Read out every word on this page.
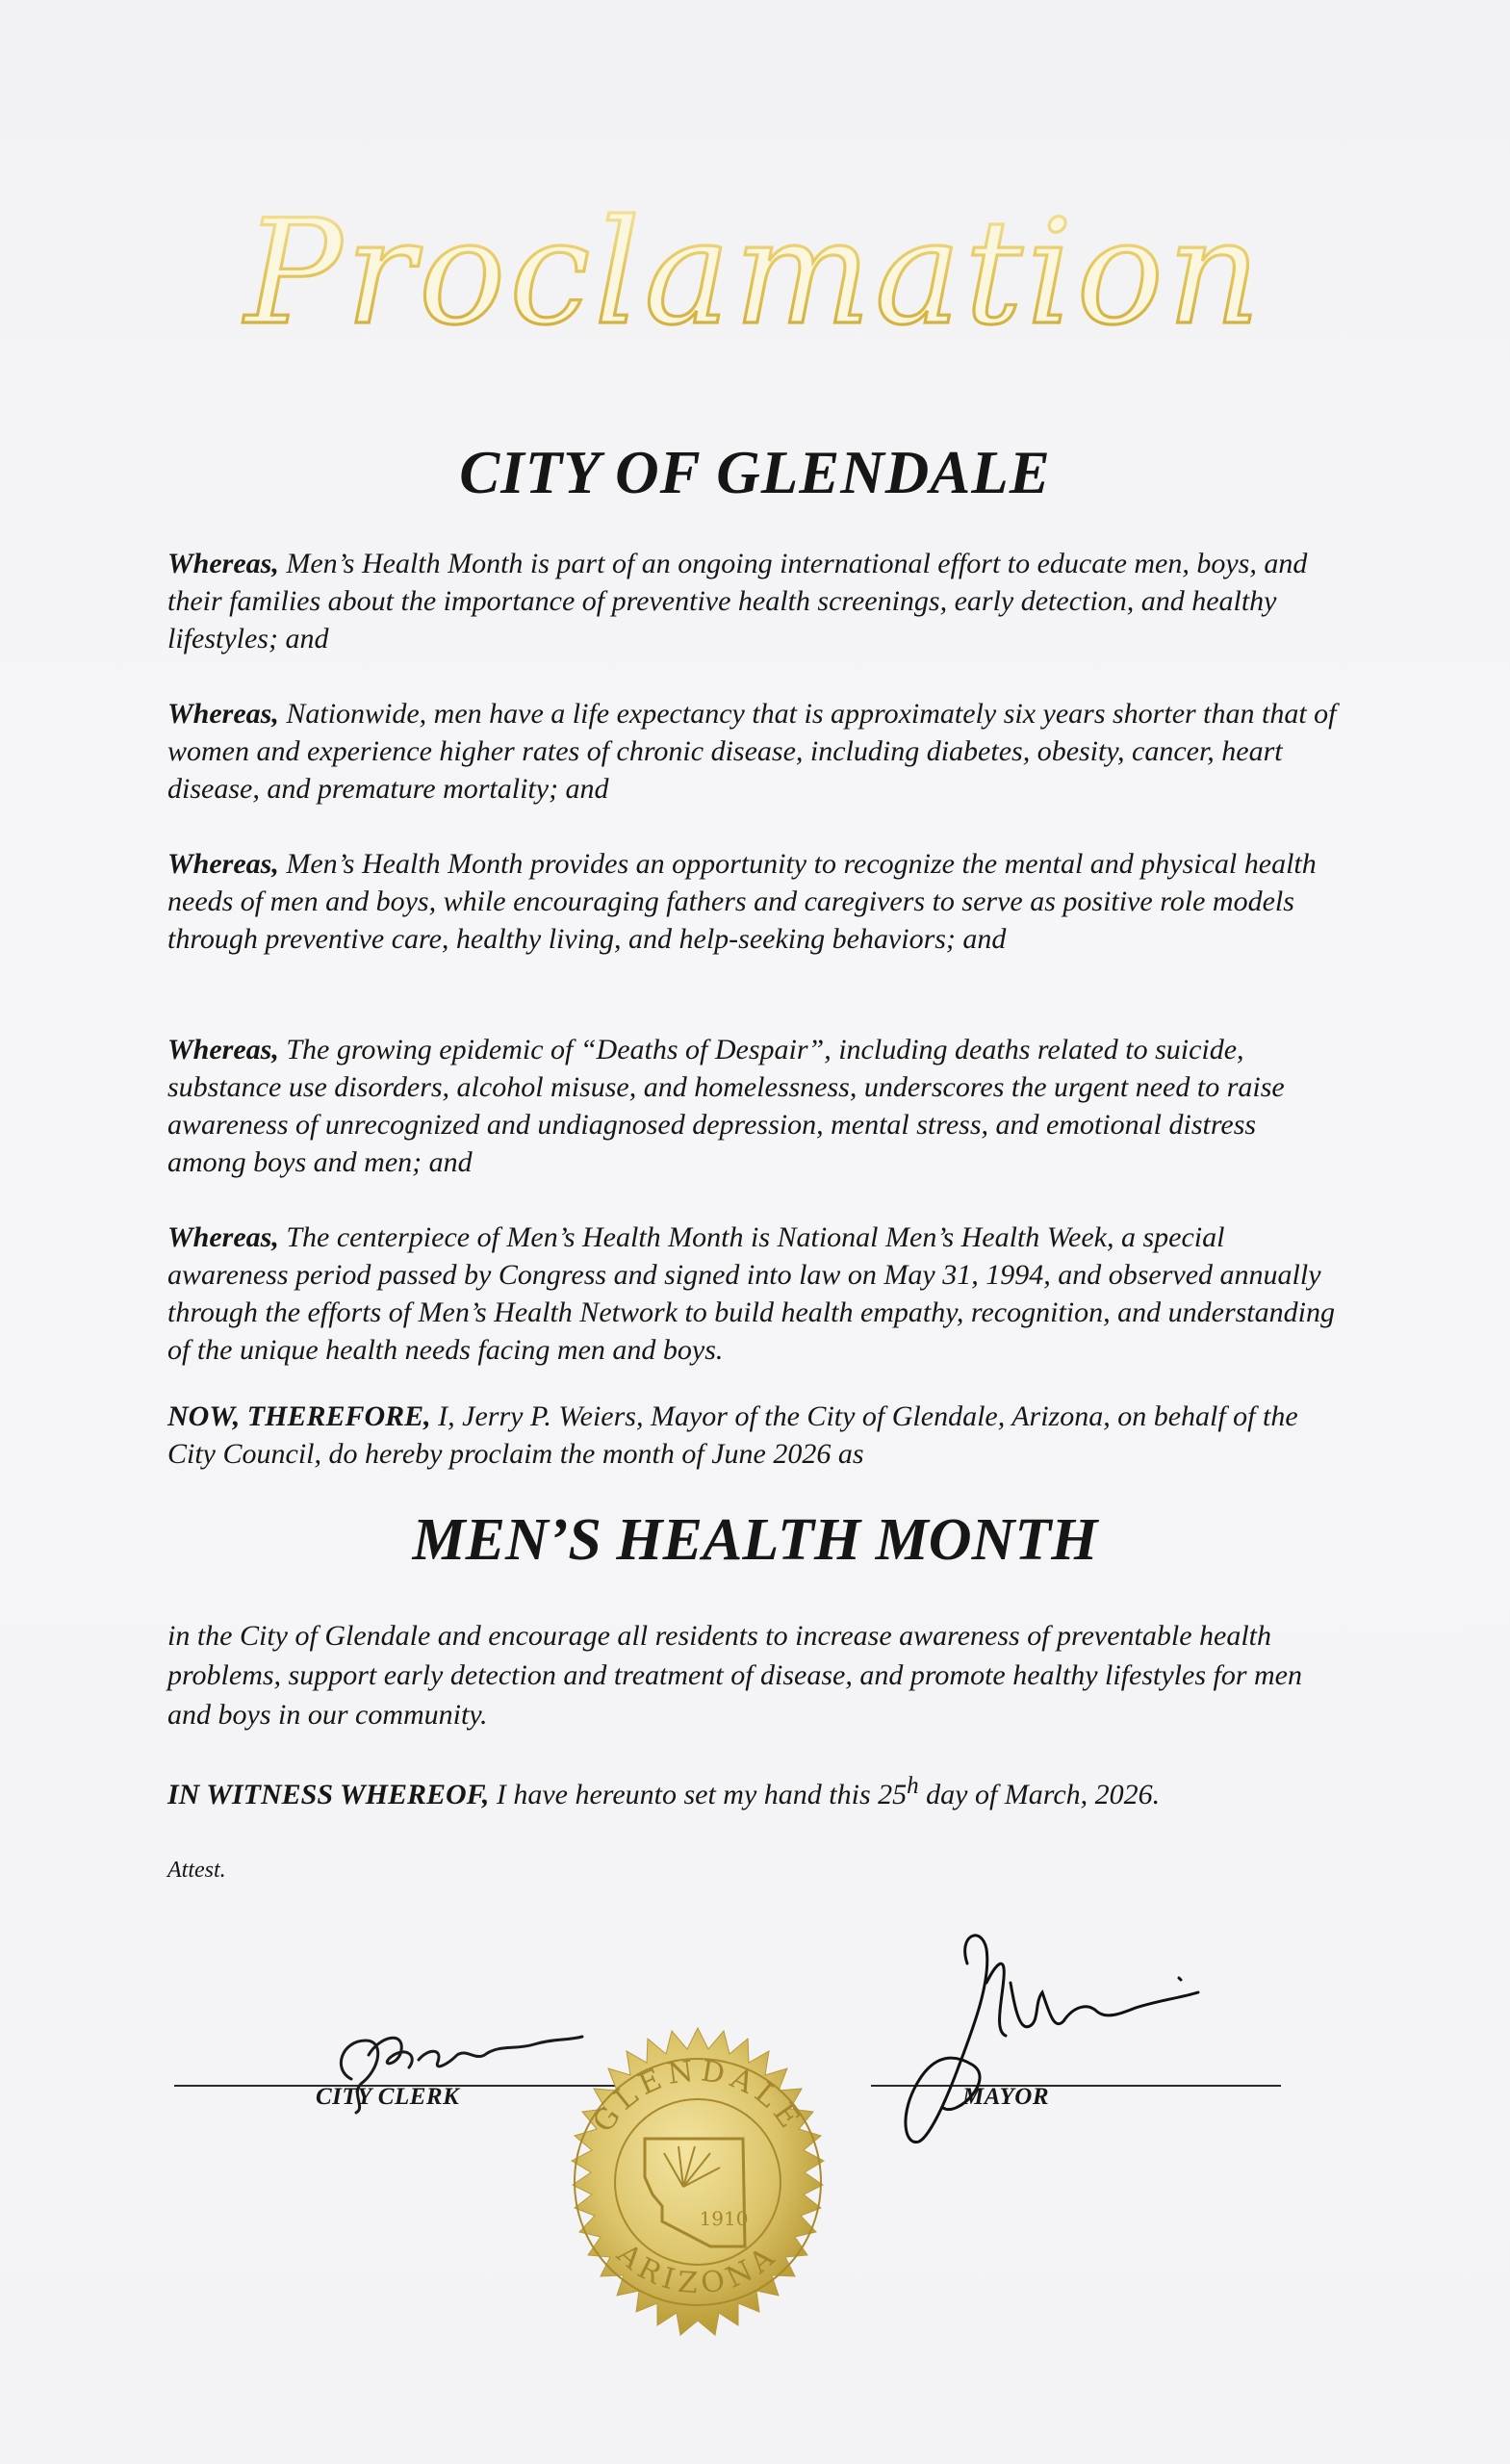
Proclamation
CITY OF GLENDALE

Whereas, Men’s Health Month is part of an ongoing international effort to educate men, boys, and their families about the importance of preventive health screenings, early detection, and healthy lifestyles; and

Whereas, Nationwide, men have a life expectancy that is approximately six years shorter than that of women and experience higher rates of chronic disease, including diabetes, obesity, cancer, heart disease, and premature mortality; and

Whereas, Men’s Health Month provides an opportunity to recognize the mental and physical health needs of men and boys, while encouraging fathers and caregivers to serve as positive role models through preventive care, healthy living, and help-seeking behaviors; and

Whereas, The growing epidemic of “Deaths of Despair”, including deaths related to suicide, substance use disorders, alcohol misuse, and homelessness, underscores the urgent need to raise awareness of unrecognized and undiagnosed depression, mental stress, and emotional distress among boys and men; and

Whereas, The centerpiece of Men’s Health Month is National Men’s Health Week, a special awareness period passed by Congress and signed into law on May 31, 1994, and observed annually through the efforts of Men’s Health Network to build health empathy, recognition, and understanding of the unique health needs facing men and boys.

NOW, THEREFORE, I, Jerry P. Weiers, Mayor of the City of Glendale, Arizona, on behalf of the City Council, do hereby proclaim the month of June 2026 as

MEN’S HEALTH MONTH

in the City of Glendale and encourage all residents to increase awareness of preventable health problems, support early detection and treatment of disease, and promote healthy lifestyles for men and boys in our community.

IN WITNESS WHEREOF, I have hereunto set my hand this 25$^h$ day of March, 2026.

Attest.
CITY CLERK	MAYOR
GLENDALE
ARIZONA
1910
